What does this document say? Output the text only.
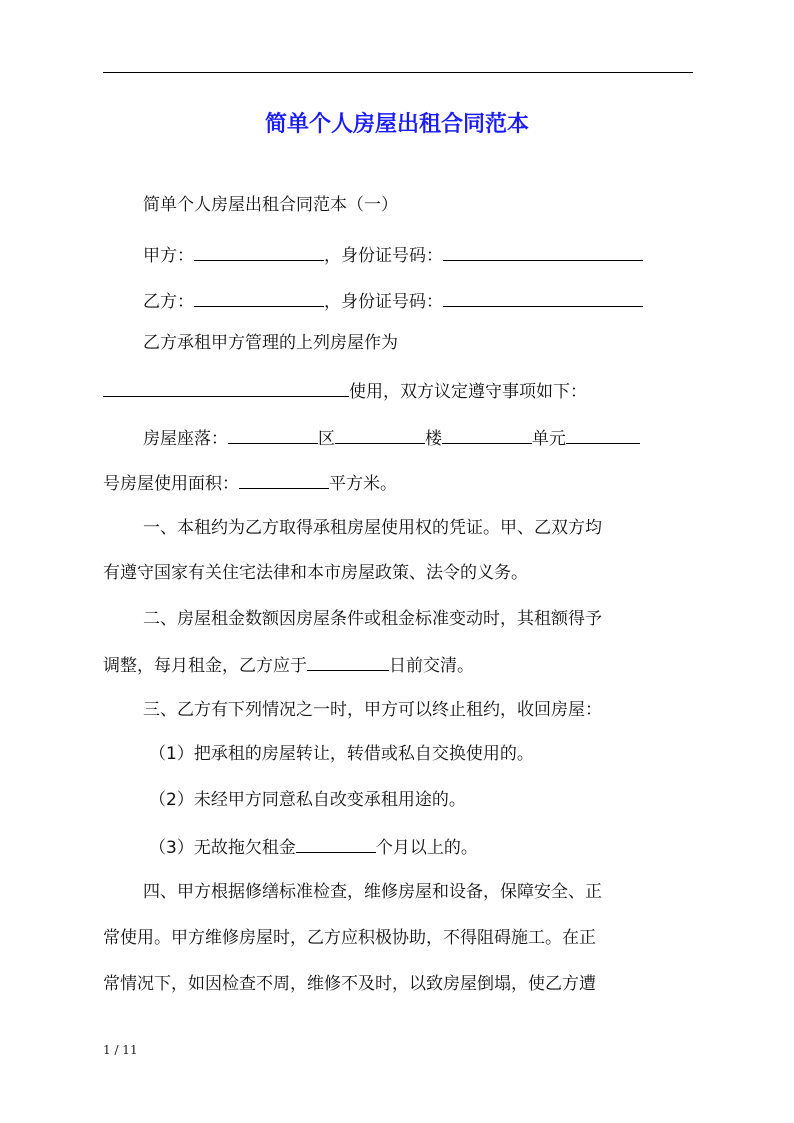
简单个人房屋出租合同范本
简单个人房屋出租合同范本（一）
甲方：	，身份证号码：
乙方：	，身份证号码：
乙方承租甲方管理的上列房屋作为
使用，双方议定遵守事项如下：
房屋座落：	区	楼	单元
号房屋使用面积：	平方米。
一、本租约为乙方取得承租房屋使用权的凭证。甲、乙双方均
有遵守国家有关住宅法律和本市房屋政策、法令的义务。
二、房屋租金数额因房屋条件或租金标准变动时，其租额得予
调整，每月租金，乙方应于	日前交清。
三、乙方有下列情况之一时，甲方可以终止租约，收回房屋：
（1）把承租的房屋转让，转借或私自交换使用的。
（2）未经甲方同意私自改变承租用途的。
（3）无故拖欠租金	个月以上的。
四、甲方根据修缮标准检查，维修房屋和设备，保障安全、正
常使用。甲方维修房屋时，乙方应积极协助，不得阻碍施工。在正
常情况下，如因检查不周，维修不及时，以致房屋倒塌，使乙方遭
1 / 11
